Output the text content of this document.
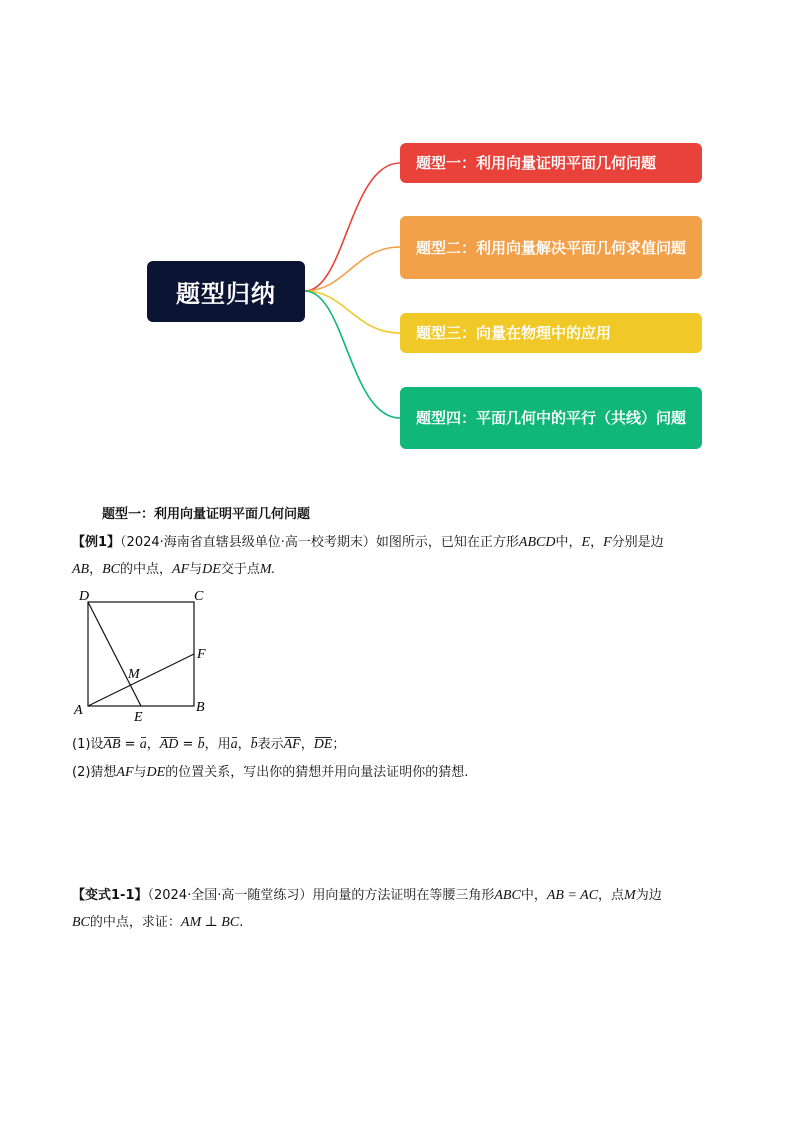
题型归纳
题型一：利用向量证明平面几何问题
题型二：利用向量解决平面几何求值问题
题型三：向量在物理中的应用
题型四：平面几何中的平行（共线）问题
题型一：利用向量证明平面几何问题
【例1】（2024·海南省直辖县级单位·高一校考期末）如图所示，已知在正方形ABCD中，E，F分别是边
AB，BC的中点，AF与DE交于点M.
D	C
F
M
A	B
E
(1)设AB = a，AD = b，用a，b表示AF，DE；
(2)猜想AF与DE的位置关系，写出你的猜想并用向量法证明你的猜想.
【变式1-1】（2024·全国·高一随堂练习）用向量的方法证明在等腰三角形ABC中，AB = AC，点M为边
BC的中点，求证：AM ⊥ BC.
